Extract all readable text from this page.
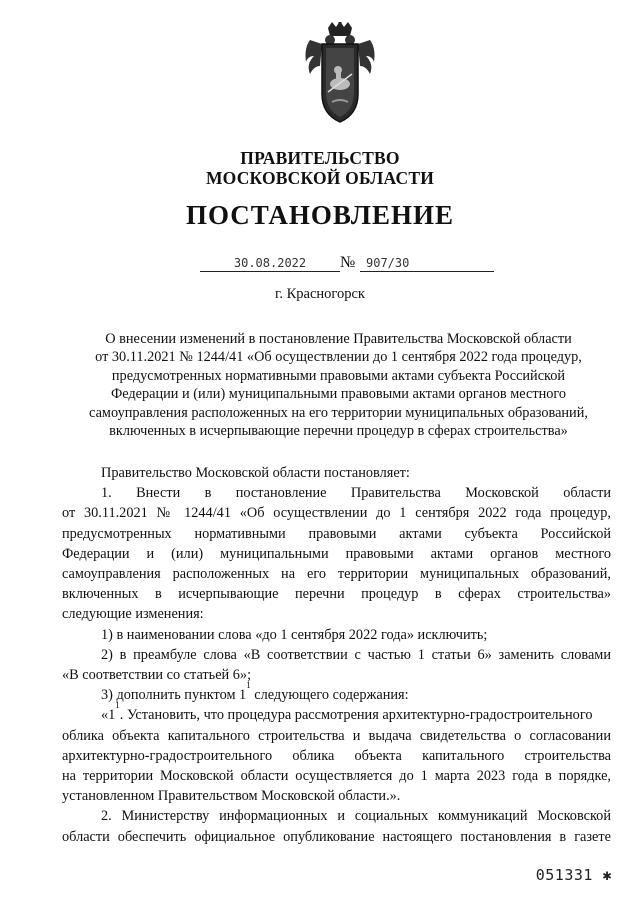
ПРАВИТЕЛЬСТВО
МОСКОВСКОЙ ОБЛАСТИ
ПОСТАНОВЛЕНИЕ
30.08.2022	№ 907/30
г. Красногорск
О внесении изменений в постановление Правительства Московской области
от 30.11.2021 № 1244/41 «Об осуществлении до 1 сентября 2022 года процедур,
предусмотренных нормативными правовыми актами субъекта Российской
Федерации и (или) муниципальными правовыми актами органов местного
самоуправления расположенных на его территории муниципальных образований,
включенных в исчерпывающие перечни процедур в сферах строительства»
Правительство Московской области постановляет:
1. Внести в постановление Правительства Московской области
от 30.11.2021 № 1244/41 «Об осуществлении до 1 сентября 2022 года процедур,
предусмотренных нормативными правовыми актами субъекта Российской
Федерации и (или) муниципальными правовыми актами органов местного
самоуправления расположенных на его территории муниципальных образований,
включенных в исчерпывающие перечни процедур в сферах строительства»
следующие изменения:
1) в наименовании слова «до 1 сентября 2022 года» исключить;
2) в преамбуле слова «В соответствии с частью 1 статьи 6» заменить словами
«В соответствии со статьей 6»;
3) дополнить пунктом 1
1
следующего содержания:
«1
1
. Установить, что процедура рассмотрения архитектурно-градостроительного
облика объекта капитального строительства и выдача свидетельства о согласовании
архитектурно-градостроительного облика объекта капитального строительства
на территории Московской области осуществляется до 1 марта 2023 года в порядке,
установленном Правительством Московской области.».
2. Министерству информационных и социальных коммуникаций Московской
области обеспечить официальное опубликование настоящего постановления в газете
051331 ✱
